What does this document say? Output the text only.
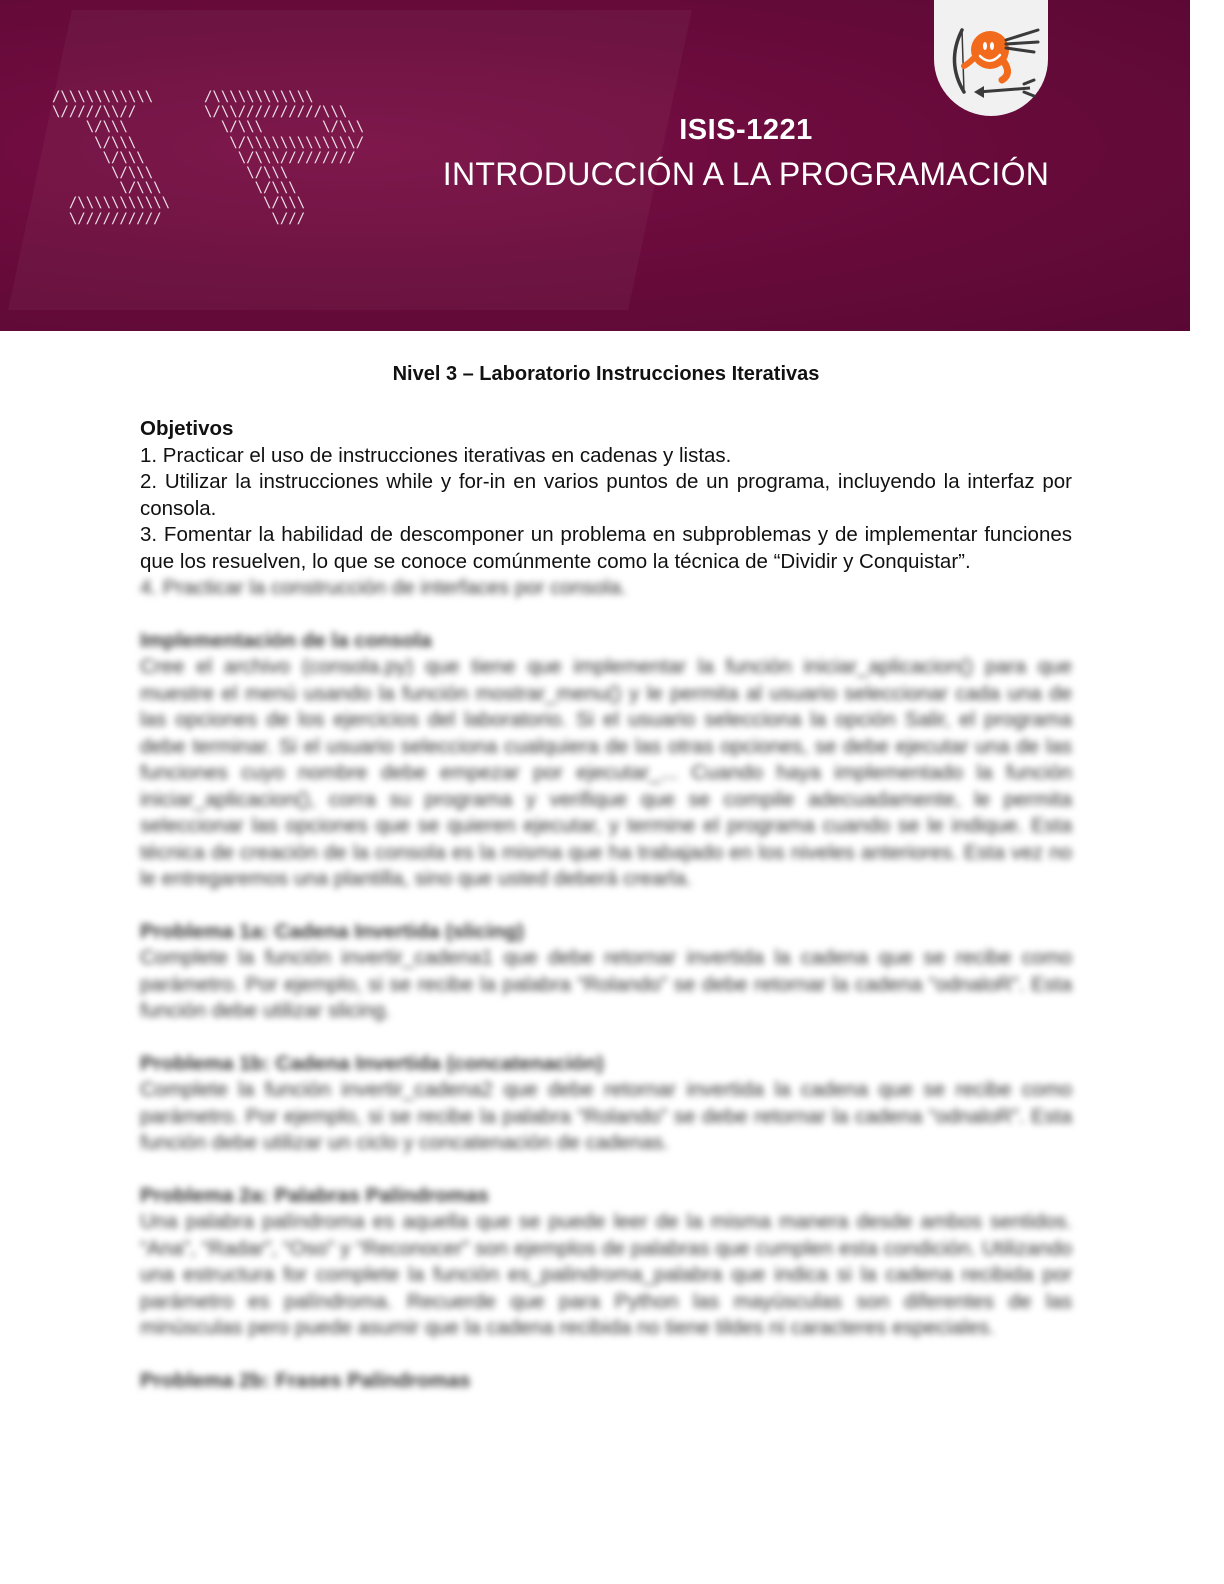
/\\\\\\\\\\\
\/////\\//
\/\\\
\/\\\
\/\\\
\/\\\
\/\\\
/\\\\\\\\\\\
\//////////
/\\\\\\\\\\\\
\/\\//////////\\\
\/\\\       \/\\\
\/\\\\\\\\\\\\\/
\/\\\/////////
\/\\\
\/\\\
\/\\\
\///
ISIS-1221
INTRODUCCIÓN A LA PROGRAMACIÓN
Nivel 3 – Laboratorio Instrucciones Iterativas

Objetivos

1. Practicar el uso de instrucciones iterativas en cadenas y listas.

2. Utilizar la instrucciones while y for-in en varios puntos de un programa, incluyendo la interfaz por consola.

3. Fomentar la habilidad de descomponer un problema en subproblemas y de implementar funciones que los resuelven, lo que se conoce comúnmente como la técnica de “Dividir y Conquistar”.

4. Practicar la construcción de interfaces por consola.

Implementación de la consola

Cree el archivo (consola.py) que tiene que implementar la función iniciar_aplicacion() para que muestre el menú usando la función mostrar_menu() y le permita al usuario seleccionar cada una de las opciones de los ejercicios del laboratorio. Si el usuario selecciona la opción Salir, el programa debe terminar. Si el usuario selecciona cualquiera de las otras opciones, se debe ejecutar una de las funciones cuyo nombre debe empezar por ejecutar_... Cuando haya implementado la función iniciar_aplicacion(), corra su programa y verifique que se compile adecuadamente, le permita seleccionar las opciones que se quieren ejecutar, y termine el programa cuando se le indique. Esta técnica de creación de la consola es la misma que ha trabajado en los niveles anteriores. Esta vez no le entregaremos una plantilla, sino que usted deberá crearla.

Problema 1a: Cadena Invertida (slicing)

Complete la función invertir_cadena1 que debe retornar invertida la cadena que se recibe como parámetro. Por ejemplo, si se recibe la palabra “Rolando” se debe retornar la cadena “odnaloR”. Esta función debe utilizar slicing.

Problema 1b: Cadena Invertida (concatenación)

Complete la función invertir_cadena2 que debe retornar invertida la cadena que se recibe como parámetro. Por ejemplo, si se recibe la palabra “Rolando” se debe retornar la cadena “odnaloR”. Esta función debe utilizar un ciclo y concatenación de cadenas.

Problema 2a: Palabras Palíndromas

Una palabra palíndroma es aquella que se puede leer de la misma manera desde ambos sentidos. “Ana”, “Radar”, “Oso” y “Reconocer” son ejemplos de palabras que cumplen esta condición. Utilizando una estructura for complete la función es_palindroma_palabra que indica si la cadena recibida por parámetro es palíndroma. Recuerde que para Python las mayúsculas son diferentes de las minúsculas pero puede asumir que la cadena recibida no tiene tildes ni caracteres especiales.

Problema 2b: Frases Palíndromas
